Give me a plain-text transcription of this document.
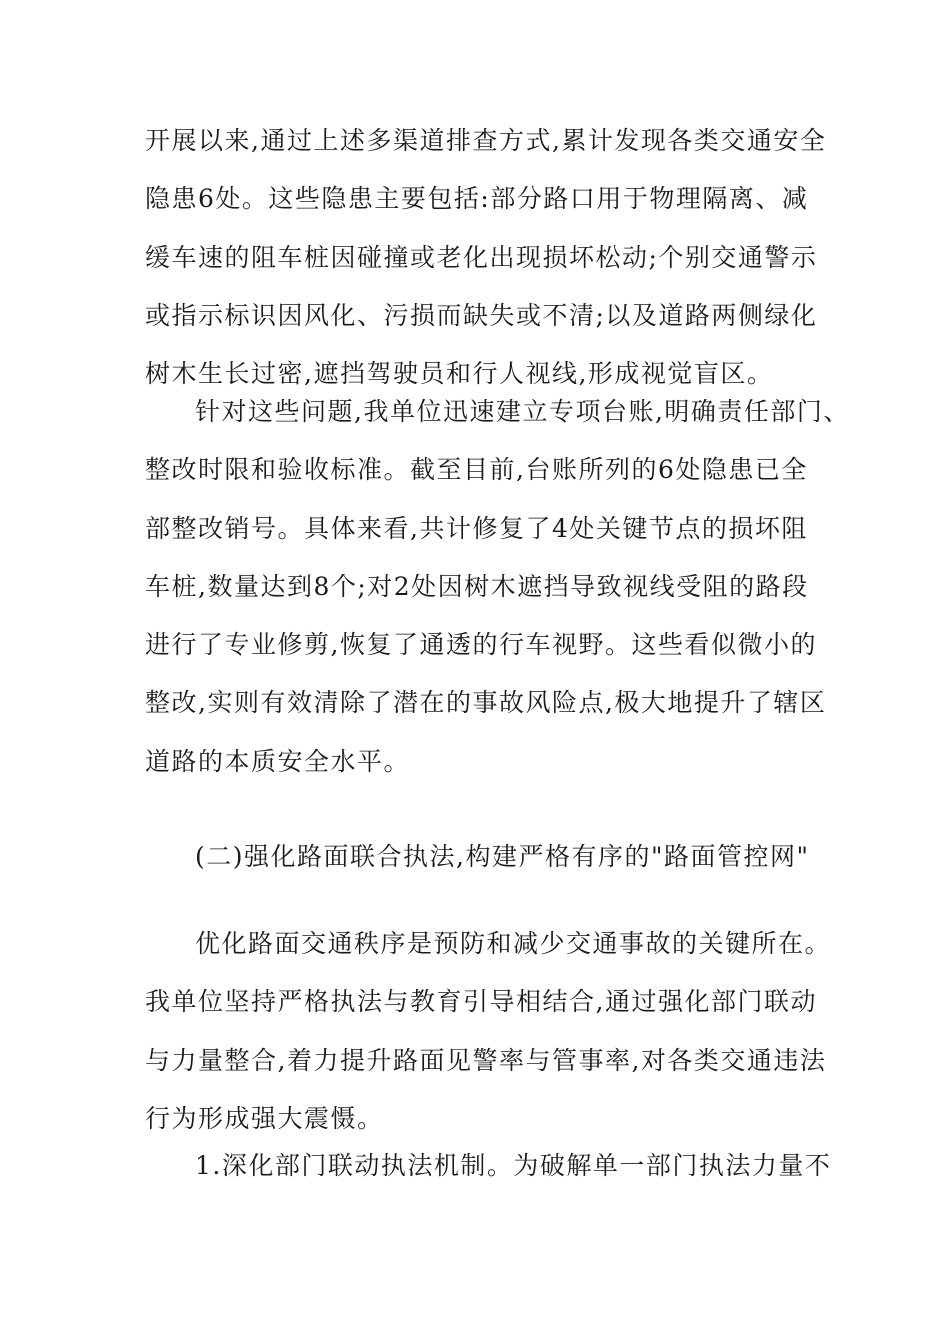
开展以来,通过上述多渠道排查方式,累计发现各类交通安全
隐患6处。这些隐患主要包括:部分路口用于物理隔离、减
缓车速的阻车桩因碰撞或老化出现损坏松动;个别交通警示
或指示标识因风化、污损而缺失或不清;以及道路两侧绿化
树木生长过密,遮挡驾驶员和行人视线,形成视觉盲区。

针对这些问题,我单位迅速建立专项台账,明确责任部门、
整改时限和验收标准。截至目前,台账所列的6处隐患已全
部整改销号。具体来看,共计修复了4处关键节点的损坏阻
车桩,数量达到8个;对2处因树木遮挡导致视线受阻的路段
进行了专业修剪,恢复了通透的行车视野。这些看似微小的
整改,实则有效清除了潜在的事故风险点,极大地提升了辖区
道路的本质安全水平。

(二)强化路面联合执法,构建严格有序的"路面管控网"

优化路面交通秩序是预防和减少交通事故的关键所在。
我单位坚持严格执法与教育引导相结合,通过强化部门联动
与力量整合,着力提升路面见警率与管事率,对各类交通违法
行为形成强大震慑。

1.深化部门联动执法机制。为破解单一部门执法力量不
